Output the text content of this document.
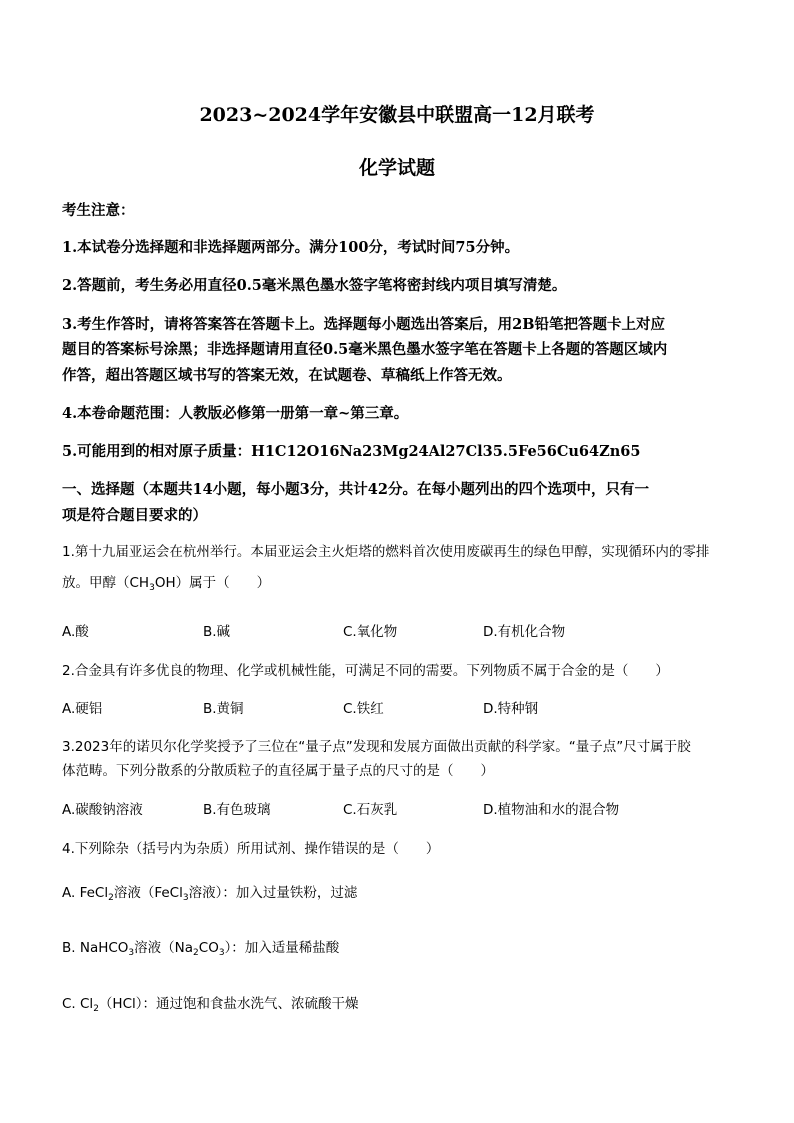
2023~2024学年安徽县中联盟高一12月联考
化学试题
考生注意：
1.本试卷分选择题和非选择题两部分。满分100分，考试时间75分钟。
2.答题前，考生务必用直径0.5毫米黑色墨水签字笔将密封线内项目填写清楚。
3.考生作答时，请将答案答在答题卡上。选择题每小题选出答案后，用2B铅笔把答题卡上对应
题目的答案标号涂黑；非选择题请用直径0.5毫米黑色墨水签字笔在答题卡上各题的答题区域内
作答，超出答题区域书写的答案无效，在试题卷、草稿纸上作答无效。
4.本卷命题范围：人教版必修第一册第一章~第三章。
5.可能用到的相对原子质量：H1C12O16Na23Mg24Al27Cl35.5Fe56Cu64Zn65
一、选择题（本题共14小题，每小题3分，共计42分。在每小题列出的四个选项中，只有一
项是符合题目要求的）
1.第十九届亚运会在杭州举行。本届亚运会主火炬塔的燃料首次使用废碳再生的绿色甲醇，实现循环内的零排
放。甲醇$(CH_3OH)$属于（　　）
A.酸	B.碱	C.氧化物	D.有机化合物
2.合金具有许多优良的物理、化学或机械性能，可满足不同的需要。下列物质不属于合金的是（　　）
A.硬铝	B.黄铜	C.铁红	D.特种钢
3.2023年的诺贝尔化学奖授予了三位在“量子点”发现和发展方面做出贡献的科学家。“量子点”尺寸属于胶
体范畴。下列分散系的分散质粒子的直径属于量子点的尺寸的是（　　）
A.碳酸钠溶液	B.有色玻璃	C.石灰乳	D.植物油和水的混合物
4.下列除杂（括号内为杂质）所用试剂、操作错误的是（　　）
A. FeCl$_2$溶液（FeCl$_3$溶液）：加入过量铁粉，过滤
B. NaHCO$_3$溶液$(Na_2CO_3)$：加入适量稀盐酸
C. $Cl_2(HCl)$：通过饱和食盐水洗气、浓硫酸干燥
